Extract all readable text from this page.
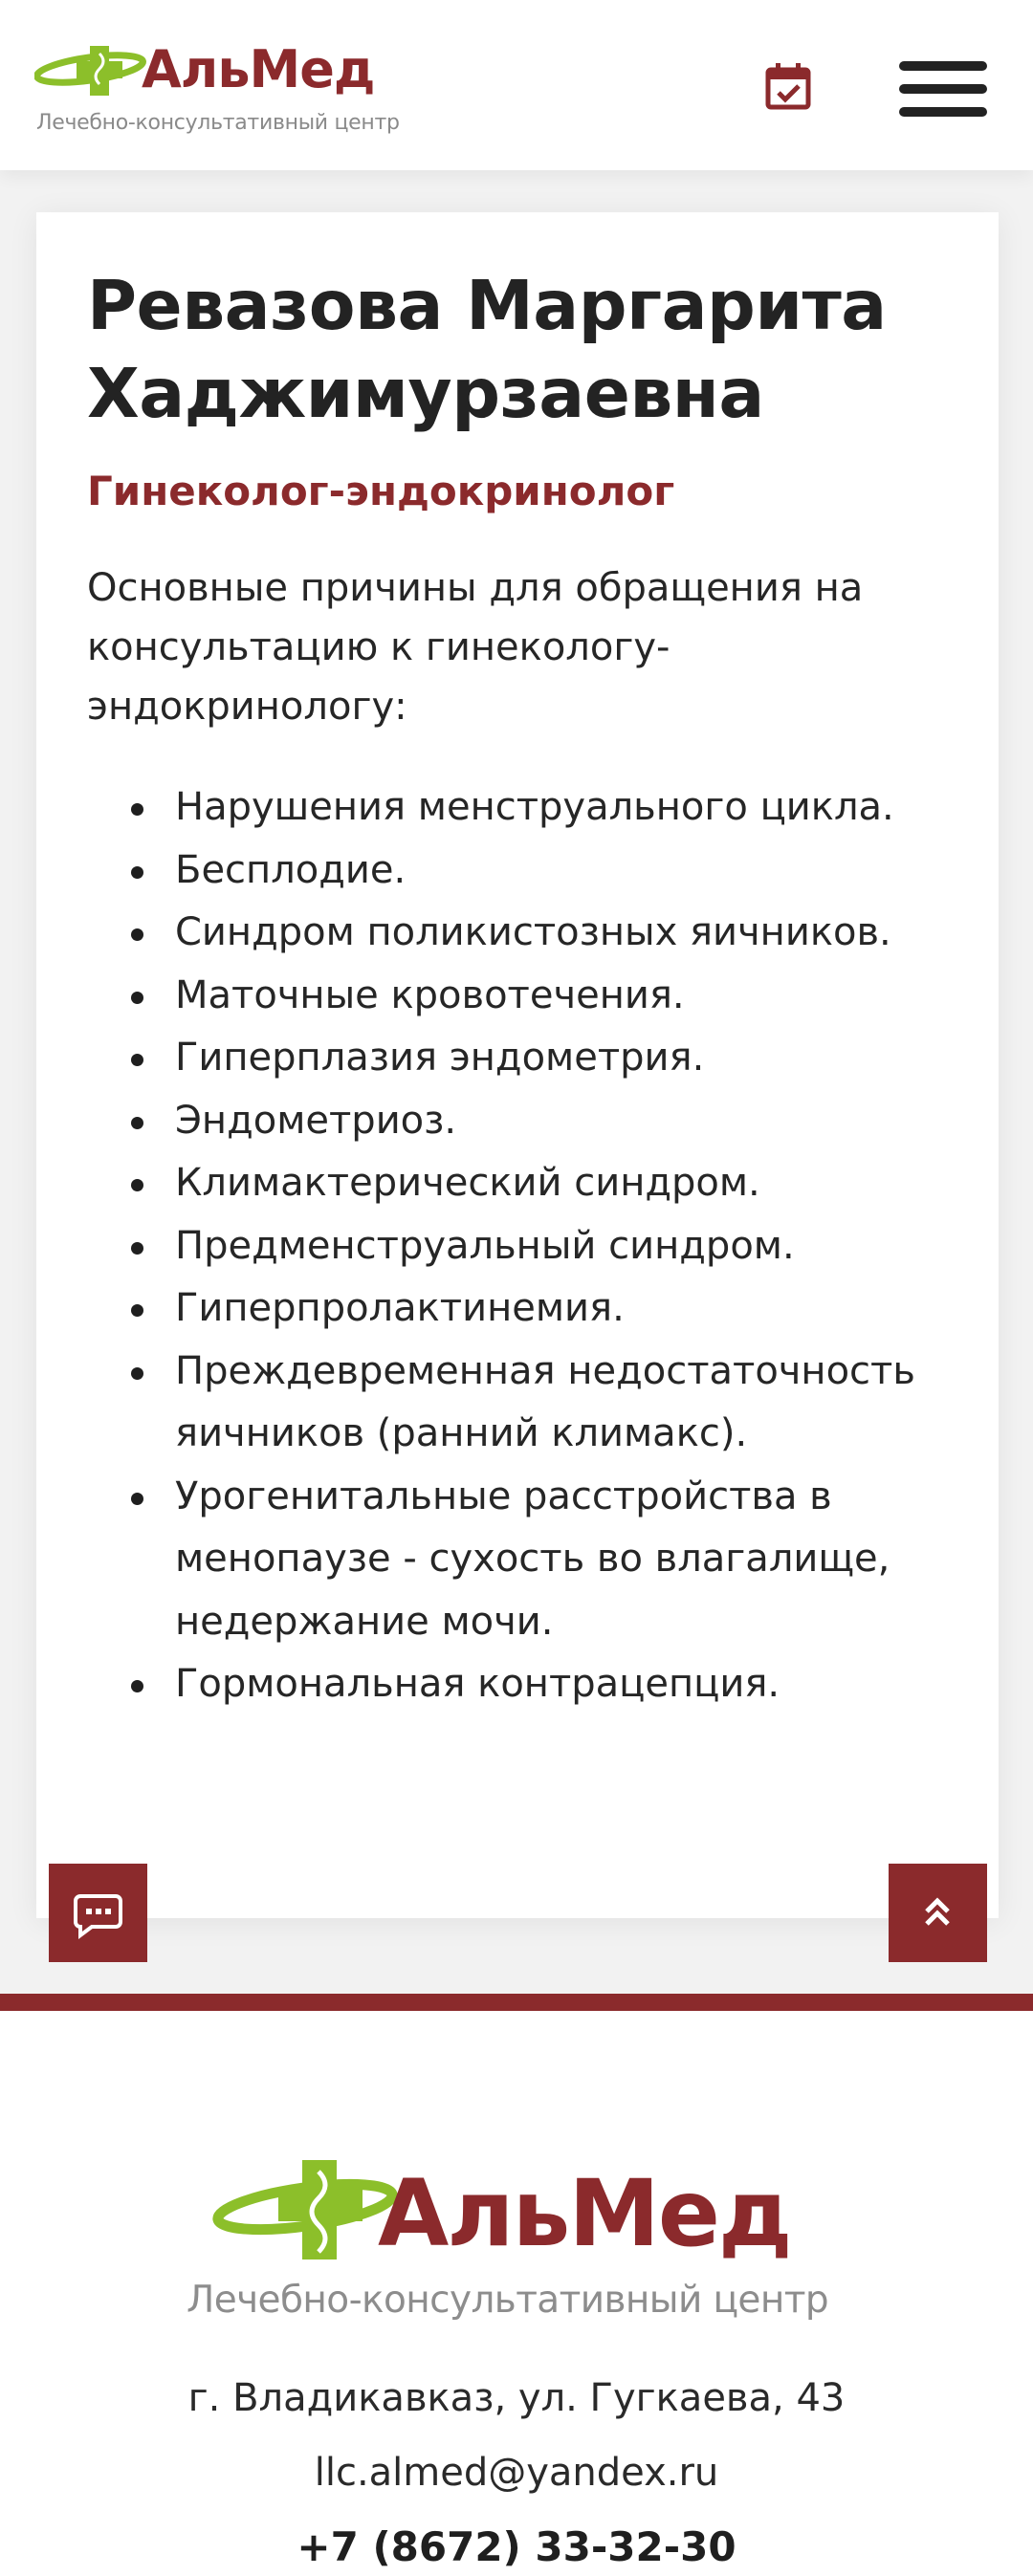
АльМед
Лечебно-консультативный центр
Ревазова Маргарита Хаджимурзаевна
Гинеколог-эндокринолог

Основные причины для обращения на консультацию к гинекологу-эндокринологу:

Нарушения менструального цикла.
Бесплодие.
Синдром поликистозных яичников.
Маточные кровотечения.
Гиперплазия эндометрия.
Эндометриоз.
Климактерический синдром.
Предменструальный синдром.
Гиперпролактинемия.
Преждевременная недостаточность яичников (ранний климакс).
Урогенитальные расстройства в менопаузе - сухость во влагалище, недержание мочи.
Гормональная контрацепция.
АльМед
Лечебно-консультативный центр
г. Владикавказ, ул. Гугкаева, 43
llc.almed@yandex.ru
+7 (8672) 33-32-30
